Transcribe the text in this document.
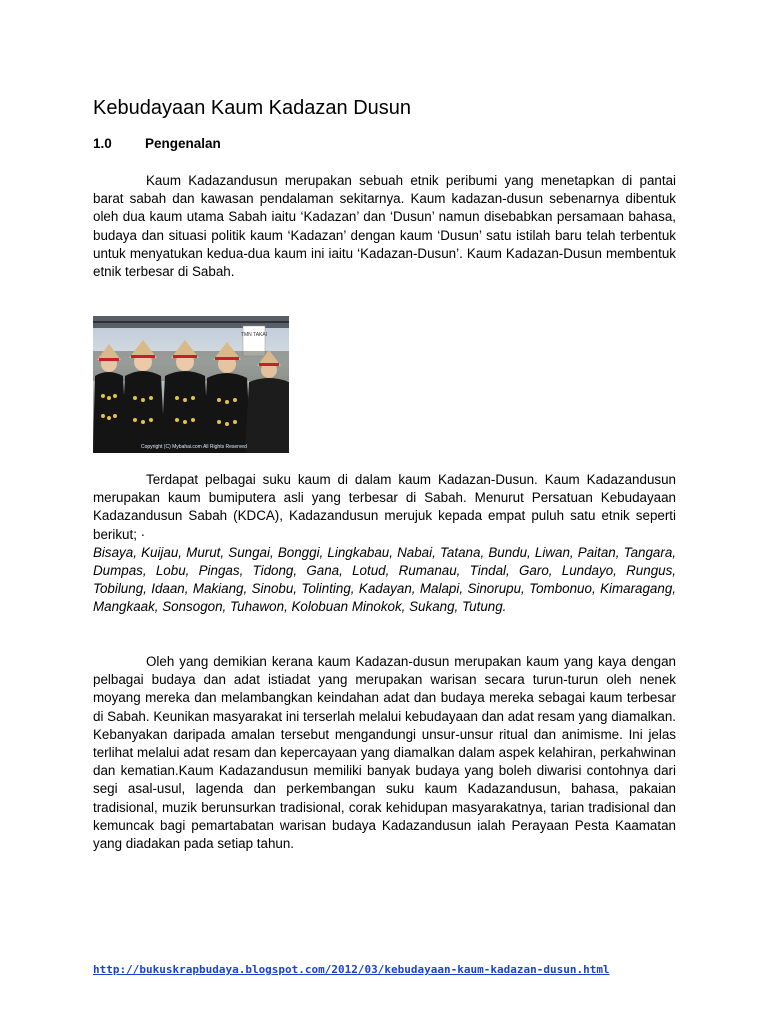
Kebudayaan Kaum Kadazan Dusun
1.0 Pengenalan

Kaum Kadazandusun merupakan sebuah etnik peribumi yang menetapkan di pantai barat sabah dan kawasan pendalaman sekitarnya. Kaum kadazan-dusun sebenarnya dibentuk oleh dua kaum utama Sabah iaitu ‘Kadazan’ dan ‘Dusun’ namun disebabkan persamaan bahasa, budaya dan situasi politik kaum ‘Kadazan’ dengan kaum ‘Dusun’ satu istilah baru telah terbentuk untuk menyatukan kedua-dua kaum ini iaitu ‘Kadazan-Dusun’. Kaum Kadazan-Dusun membentuk etnik terbesar di Sabah.

Terdapat pelbagai suku kaum di dalam kaum Kadazan-Dusun. Kaum Kadazandusun merupakan kaum bumiputera asli yang terbesar di Sabah. Menurut Persatuan Kebudayaan Kadazandusun Sabah (KDCA), Kadazandusun merujuk kepada empat puluh satu etnik seperti berikut; ·
Bisaya, Kuijau, Murut, Sungai, Bonggi, Lingkabau, Nabai, Tatana, Bundu, Liwan, Paitan, Tangara, Dumpas, Lobu, Pingas, Tidong, Gana, Lotud, Rumanau, Tindal, Garo, Lundayo, Rungus, Tobilung, Idaan, Makiang, Sinobu, Tolinting, Kadayan, Malapi, Sinorupu, Tombonuo, Kimaragang, Mangkaak, Sonsogon, Tuhawon, Kolobuan Minokok, Sukang, Tutung.

Oleh yang demikian kerana kaum Kadazan-dusun merupakan kaum yang kaya dengan pelbagai budaya dan adat istiadat yang merupakan warisan secara turun-turun oleh nenek moyang mereka dan melambangkan keindahan adat dan budaya mereka sebagai kaum terbesar di Sabah. Keunikan masyarakat ini terserlah melalui kebudayaan dan adat resam yang diamalkan. Kebanyakan daripada amalan tersebut mengandungi unsur-unsur ritual dan animisme. Ini jelas terlihat melalui adat resam dan kepercayaan yang diamalkan dalam aspek kelahiran, perkahwinan dan kematian.Kaum Kadazandusun memiliki banyak budaya yang boleh diwarisi contohnya dari segi asal-usul, lagenda dan perkembangan suku kaum Kadazandusun, bahasa, pakaian tradisional, muzik berunsurkan tradisional, corak kehidupan masyarakatnya, tarian tradisional dan kemuncak bagi pemartabatan warisan budaya Kadazandusun ialah Perayaan Pesta Kaamatan yang diadakan pada setiap tahun.

TMN TAKAI
Copyright (C) Mybahai.com All Rights Reserved
http://bukuskrapbudaya.blogspot.com/2012/03/kebudayaan-kaum-kadazan-dusun.html
